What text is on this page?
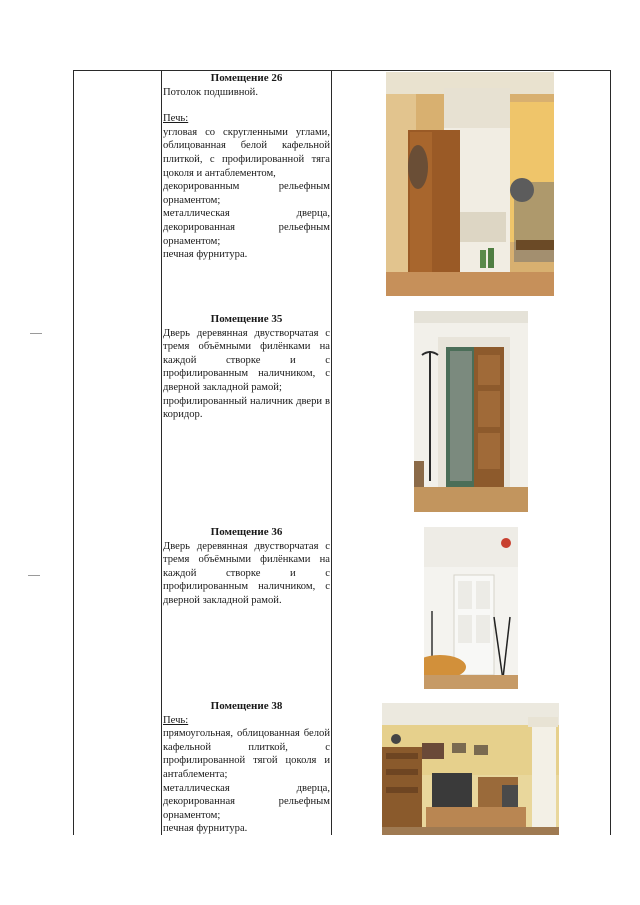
Помещение 26

Потолок подшивной.

Печь:

угловая со скругленными углами, облицованная белой кафельной плиткой, с профилированной тяга цоколя и антаблементом,

декорированным рельефным орнаментом;

металлическая дверца, декорированная рельефным орнаментом;

печная фурнитура.

Помещение 35

Дверь деревянная двустворчатая с тремя объёмными филёнками на каждой створке и с профилированным наличником, с дверной закладной рамой;

профилированный наличник двери в коридор.

Помещение 36

Дверь деревянная двустворчатая с тремя объёмными филёнками на каждой створке и с профилированным наличником, с дверной закладной рамой.

Помещение 38

Печь:

прямоугольная, облицованная белой кафельной плиткой, с профилированной тягой цоколя и антаблемента;

металлическая дверца, декорированная рельефным орнаментом;

печная фурнитура.
